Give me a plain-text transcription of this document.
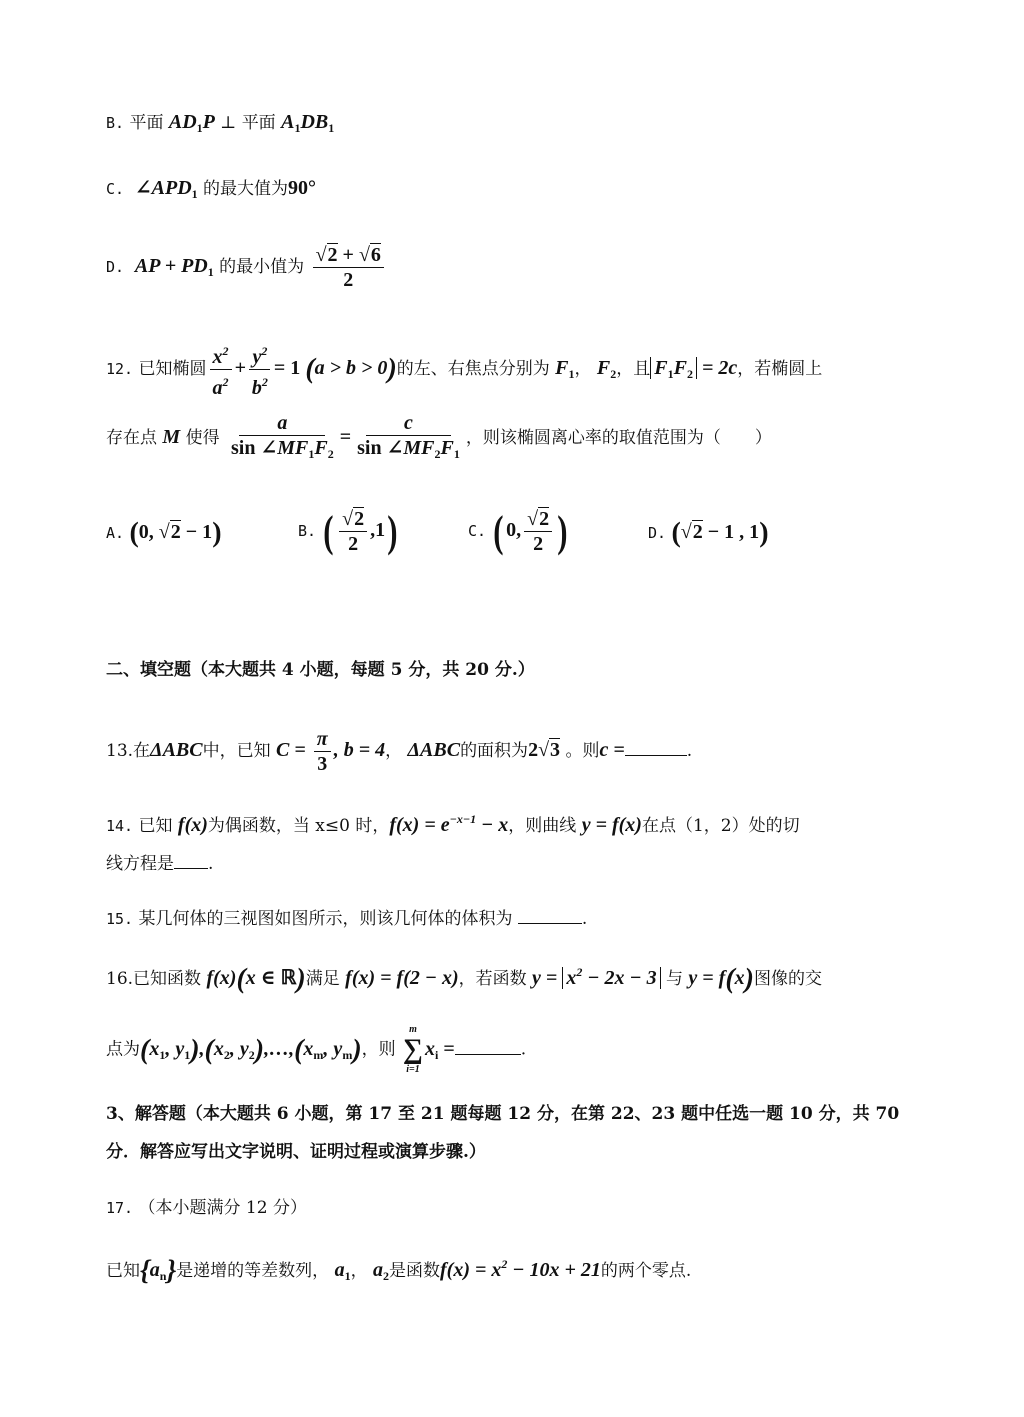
B. 平面 $AD_1P$ ⊥ 平面 $A_1DB_1$
C. $\angle APD_1$ 的最大值为90°
D. AP + $PD_1$ 的最小值为 $\frac{√2 + √6}{2}$
12. 已知椭圆 $\frac{x^2}{a^2} + \frac{y^2}{b^2} = 1$ (a > b > 0)的左、右焦点分别为 $F_1$， $F_2$，且 $F_1F_2 = 2c$，若椭圆上
存在点 M 使得 $\frac{a}{\sin \angle MF_1F_2} = \frac{c}{\sin \angle MF_2F_1}$ ，则该椭圆离心率的取值范围为（　　）
A. (0, √2 − 1)	B. ( $\frac{√2}{2} ,1$)	C. ( 0, $\frac{√2}{2}$ )	D. (√2 − 1 , 1)
二、填空题（本大题共 4 小题，每题 5 分，共 20 分.）
13.在ΔABC中，已知 $C = \frac{\pi}{3}$ , b = 4， ΔABC的面积为2√3 。则c =	.
14. 已知 f(x)为偶函数，当 x≤0 时，$f(x) = e^{-x-1} - x$，则曲线 y = f(x)在点（1，2）处的切
线方程是 .
15. 某几何体的三视图如图所示，则该几何体的体积为	.
16.已知函数 f(x)(x ∈ ℝ)满足 f(x) = f(2 − x)，若函数 $y = x^2 - 2x - 3$ 与 y = f(x)图像的交
点为($x_1$, $y_1),(x_2$, $y_2),\dots,(x_m$, $y_m$)，则
m
∑
i=1
$x_i$ =	.
3、解答题（本大题共 6 小题，第 17 至 21 题每题 12 分，在第 22、23 题中任选一题 10 分，共 70
分．解答应写出文字说明、证明过程或演算步骤.）
17. （本小题满分 12 分）
已知$\{a_n\}$是递增的等差数列， $a_1$， $a_2$是函数$f(x) = x^2 - 10x + 21$的两个零点.
